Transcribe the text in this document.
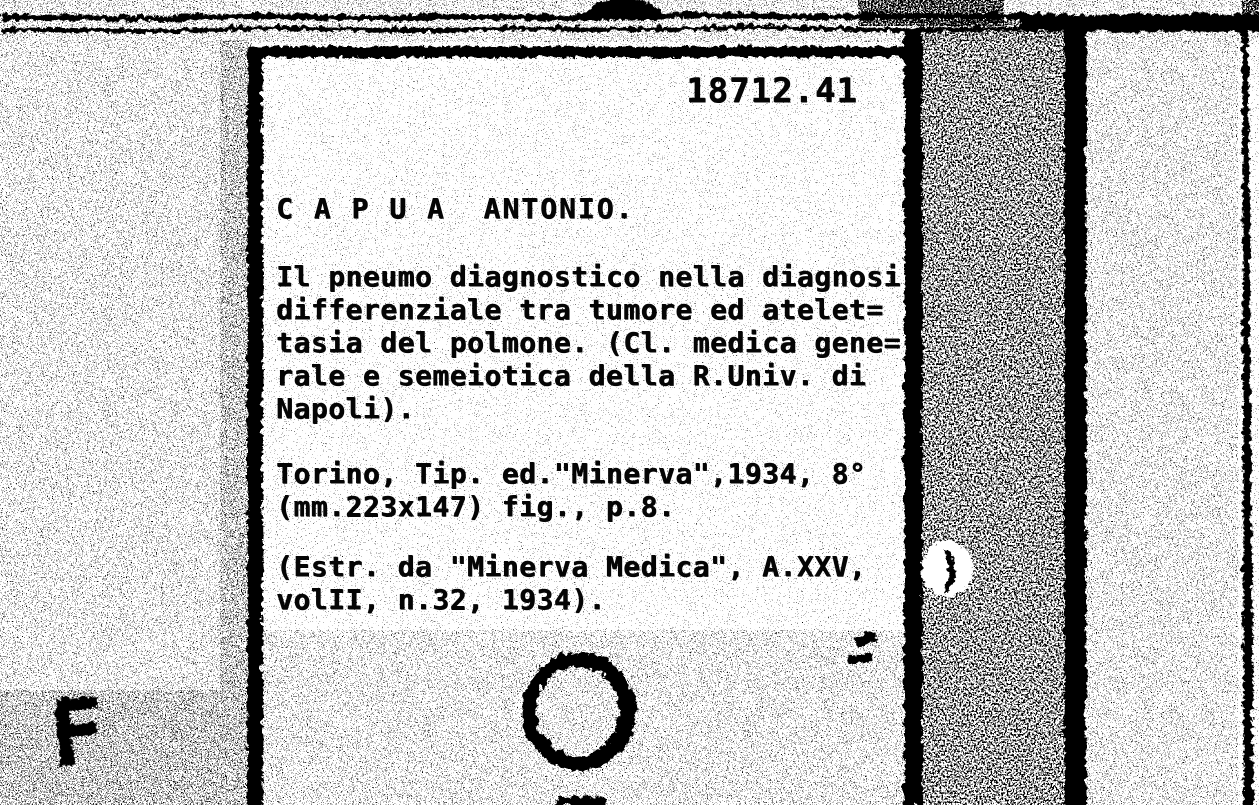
)
F
18712.41
C A P U A  ANTONIO.
Il pneumo diagnostico nella diagnosi
differenziale tra tumore ed atelet=
tasia del polmone. (Cl. medica gene=
rale e semeiotica della R.Univ. di
Napoli).
Torino, Tip. ed."Minerva",1934, 8°
(mm.223x147) fig., p.8.
(Estr. da "Minerva Medica", A.XXV,
volII, n.32, 1934).
